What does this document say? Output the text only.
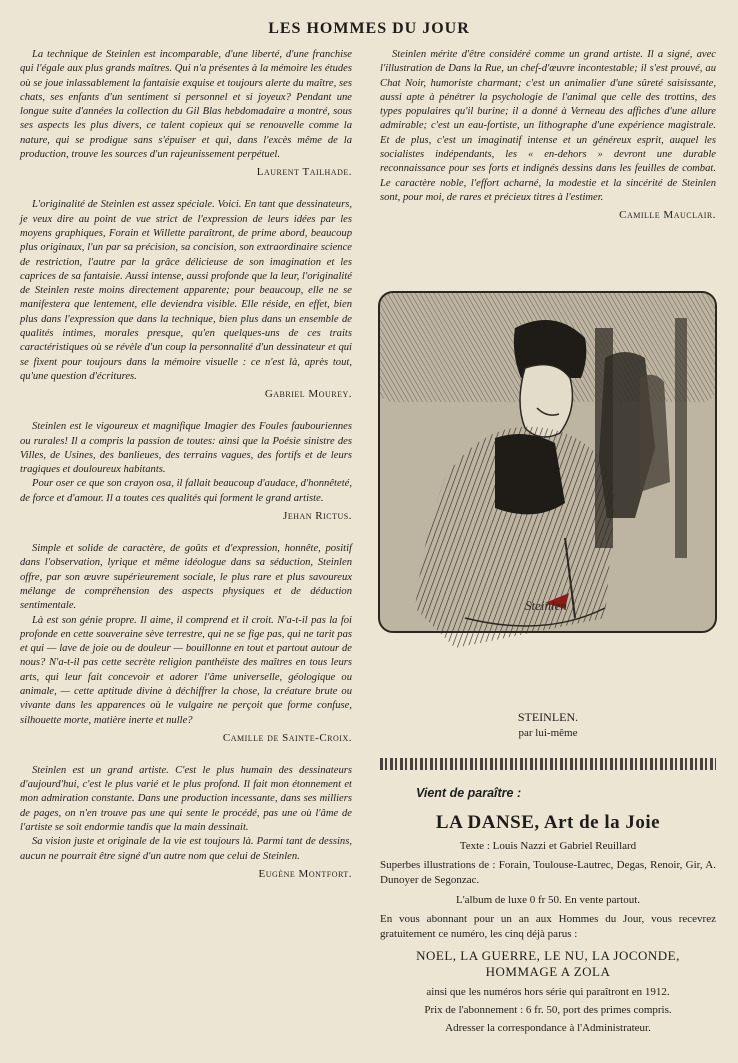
LES HOMMES DU JOUR

La technique de Steinlen est incomparable, d'une liberté, d'une franchise qui l'égale aux plus grands maîtres. Qui n'a présentes à la mémoire les études où se joue inlassablement la fantaisie exquise et toujours alerte du maître, ses chats, ses enfants d'un sentiment si personnel et si joyeux? Pendant une longue suite d'années la collection du Gil Blas hebdomadaire a montré, sous ses aspects les plus divers, ce talent copieux qui se renouvelle comme la nature, qui se prodigue sans s'épuiser et qui, dans l'excès même de la production, trouve les sources d'un rajeunissement perpétuel.

Laurent Tailhade.

L'originalité de Steinlen est assez spéciale. Voici. En tant que dessinateurs, je veux dire au point de vue strict de l'expression de leurs idées par les moyens graphiques, Forain et Willette paraîtront, de prime abord, beaucoup plus originaux, l'un par sa précision, sa concision, son extraordinaire science de restriction, l'autre par la grâce délicieuse de son imagination et les caprices de sa fantaisie. Aussi intense, aussi profonde que la leur, l'originalité de Steinlen reste moins directement apparente; pour beaucoup, elle ne se manifestera que lentement, elle deviendra visible. Elle réside, en effet, bien plus dans l'expression que dans la technique, bien plus dans un ensemble de qualités intimes, morales presque, qu'en quelques-uns de ces traits caractéristiques où se révèle d'un coup la personnalité d'un dessinateur et qui se fixent pour toujours dans la mémoire visuelle : ce n'est là, après tout, qu'une question d'écritures.

Gabriel Mourey.

Steinlen est le vigoureux et magnifique Imagier des Foules faubouriennes ou rurales! Il a compris la passion de toutes: ainsi que la Poésie sinistre des Villes, de Usines, des banlieues, des terrains vagues, des fortifs et de leurs tragiques et douloureux habitants.

Pour oser ce que son crayon osa, il fallait beaucoup d'audace, d'honnêteté, de force et d'amour. Il a toutes ces qualités qui forment le grand artiste.

Jehan Rictus.

Simple et solide de caractère, de goûts et d'expression, honnête, positif dans l'observation, lyrique et même idéologue dans sa séduction, Steinlen offre, par son œuvre supérieurement sociale, le plus rare et plus savoureux mélange de compréhension des aspects physiques et de déduction sentimentale.

Là est son génie propre. Il aime, il comprend et il croit. N'a-t-il pas la foi profonde en cette souveraine sève terrestre, qui ne se fige pas, qui ne tarit pas et qui — lave de joie ou de douleur — bouillonne en tout et partout autour de nous? N'a-t-il pas cette secrète religion panthéiste des maîtres en tous leurs arts, qui leur fait concevoir et adorer l'âme universelle, géologique ou animale, — cette aptitude divine à déchiffrer la chose, la créature brute ou vivante dans les apparences où le vulgaire ne perçoit que forme confuse, silhouette morte, matière inerte et nulle?

Camille de Sainte-Croix.

Steinlen est un grand artiste. C'est le plus humain des dessinateurs d'aujourd'hui, c'est le plus varié et le plus profond. Il fait mon étonnement et mon admiration constante. Dans une production incessante, dans ses milliers de pages, on n'en trouve pas une qui sente le procédé, pas une où l'âme de l'artiste se soit endormie tandis que la main dessinait.

Sa vision juste et originale de la vie est toujours là. Parmi tant de dessins, aucun ne pourrait être signé d'un autre nom que celui de Steinlen.

Eugène Montfort.

Steinlen mérite d'être considéré comme un grand artiste. Il a signé, avec l'illustration de Dans la Rue, un chef-d'œuvre incontestable; il s'est prouvé, au Chat Noir, humoriste charmant; c'est un animalier d'une sûreté saisissante, aussi apte à pénétrer la psychologie de l'animal que celle des trottins, des types populaires qu'il burine; il a donné à Verneau des affiches d'une allure admirable; c'est un eau-fortiste, un lithographe d'une expérience magistrale. Et de plus, c'est un imaginatif intense et un généreux esprit, auquel les socialistes indépendants, les « en-dehors » devront une durable reconnaissance pour ses forts et indignés dessins dans les feuilles de combat. Le caractère noble, l'effort acharné, la modestie et la sincérité de Steinlen sont, pour moi, de rares et précieux titres à l'estimer.

Camille Mauclair.
Steinlen
STEINLEN.
par lui-même
Vient de paraître :
LA DANSE, Art de la Joie
Texte : Louis Nazzi et Gabriel Reuillard
Superbes illustrations de : Forain, Toulouse-Lautrec, Degas, Renoir, Gir, A. Dunoyer de Segonzac.
L'album de luxe 0 fr 50. En vente partout.
En vous abonnant pour un an aux Hommes du Jour, vous recevrez gratuitement ce numéro, les cinq déjà parus :
NOEL, LA GUERRE, LE NU, LA JOCONDE,
HOMMAGE A ZOLA
ainsi que les numéros hors série qui paraîtront en 1912.
Prix de l'abonnement : 6 fr. 50, port des primes compris.
Adresser la correspondance à l'Administrateur.
